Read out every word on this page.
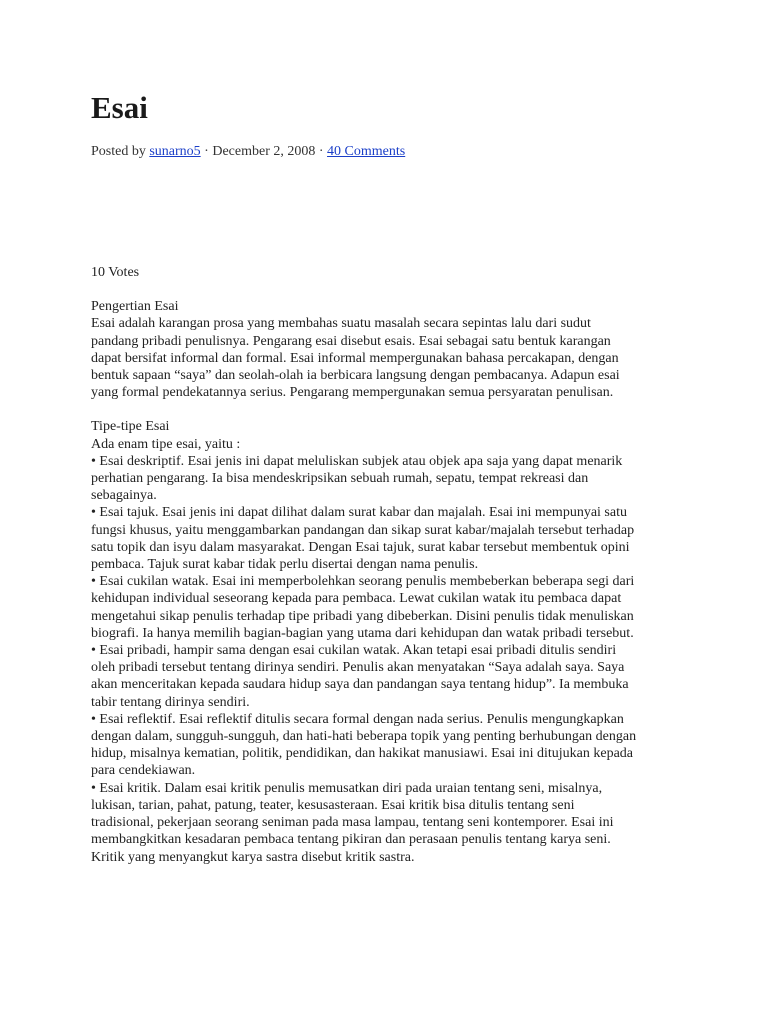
Esai
Posted by sunarno5 · December 2, 2008 · 40 Comments

10 Votes

Pengertian Esai

Esai adalah karangan prosa yang membahas suatu masalah secara sepintas lalu dari sudut

pandang pribadi penulisnya. Pengarang esai disebut esais. Esai sebagai satu bentuk karangan

dapat bersifat informal dan formal. Esai informal mempergunakan bahasa percakapan, dengan

bentuk sapaan “saya” dan seolah-olah ia berbicara langsung dengan pembacanya. Adapun esai

yang formal pendekatannya serius. Pengarang mempergunakan semua persyaratan penulisan.

Tipe-tipe Esai

Ada enam tipe esai, yaitu :

• Esai deskriptif. Esai jenis ini dapat meluliskan subjek atau objek apa saja yang dapat menarik

perhatian pengarang. Ia bisa mendeskripsikan sebuah rumah, sepatu, tempat rekreasi dan

sebagainya.

• Esai tajuk. Esai jenis ini dapat dilihat dalam surat kabar dan majalah. Esai ini mempunyai satu

fungsi khusus, yaitu menggambarkan pandangan dan sikap surat kabar/majalah tersebut terhadap

satu topik dan isyu dalam masyarakat. Dengan Esai tajuk, surat kabar tersebut membentuk opini

pembaca. Tajuk surat kabar tidak perlu disertai dengan nama penulis.

• Esai cukilan watak. Esai ini memperbolehkan seorang penulis membeberkan beberapa segi dari

kehidupan individual seseorang kepada para pembaca. Lewat cukilan watak itu pembaca dapat

mengetahui sikap penulis terhadap tipe pribadi yang dibeberkan. Disini penulis tidak menuliskan

biografi. Ia hanya memilih bagian-bagian yang utama dari kehidupan dan watak pribadi tersebut.

• Esai pribadi, hampir sama dengan esai cukilan watak. Akan tetapi esai pribadi ditulis sendiri

oleh pribadi tersebut tentang dirinya sendiri. Penulis akan menyatakan “Saya adalah saya. Saya

akan menceritakan kepada saudara hidup saya dan pandangan saya tentang hidup”. Ia membuka

tabir tentang dirinya sendiri.

• Esai reflektif. Esai reflektif ditulis secara formal dengan nada serius. Penulis mengungkapkan

dengan dalam, sungguh-sungguh, dan hati-hati beberapa topik yang penting berhubungan dengan

hidup, misalnya kematian, politik, pendidikan, dan hakikat manusiawi. Esai ini ditujukan kepada

para cendekiawan.

• Esai kritik. Dalam esai kritik penulis memusatkan diri pada uraian tentang seni, misalnya,

lukisan, tarian, pahat, patung, teater, kesusasteraan. Esai kritik bisa ditulis tentang seni

tradisional, pekerjaan seorang seniman pada masa lampau, tentang seni kontemporer. Esai ini

membangkitkan kesadaran pembaca tentang pikiran dan perasaan penulis tentang karya seni.

Kritik yang menyangkut karya sastra disebut kritik sastra.
